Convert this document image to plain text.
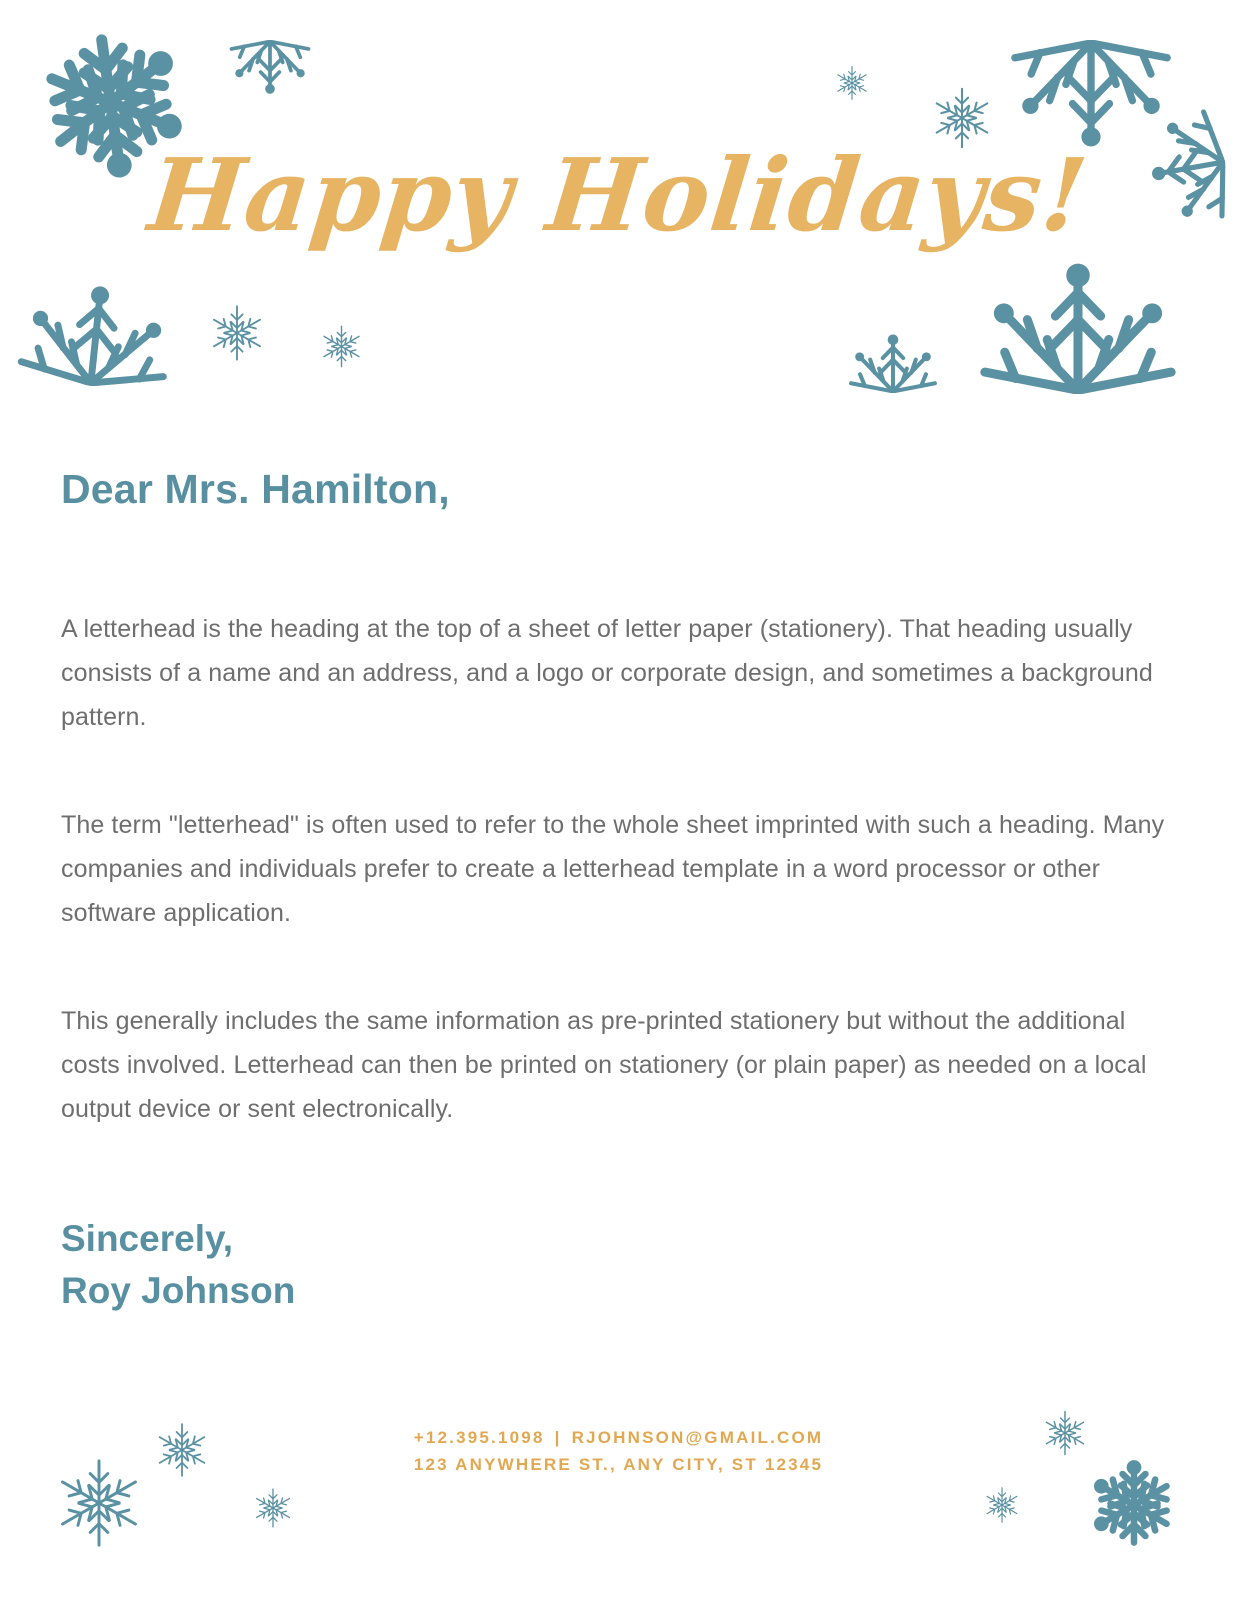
Happy Holidays!

Dear Mrs. Hamilton,

A letterhead is the heading at the top of a sheet of letter paper (stationery). That heading usually consists of a name and an address, and a logo or corporate design, and sometimes a background pattern.

The term "letterhead" is often used to refer to the whole sheet imprinted with such a heading. Many companies and individuals prefer to create a letterhead template in a word processor or other software application.

This generally includes the same information as pre-printed stationery but without the additional costs involved. Letterhead can then be printed on stationery (or plain paper) as needed on a local output device or sent electronically.

Sincerely,

Roy Johnson

+12.395.1098 | RJOHNSON@GMAIL.COM
123 ANYWHERE ST., ANY CITY, ST 12345
